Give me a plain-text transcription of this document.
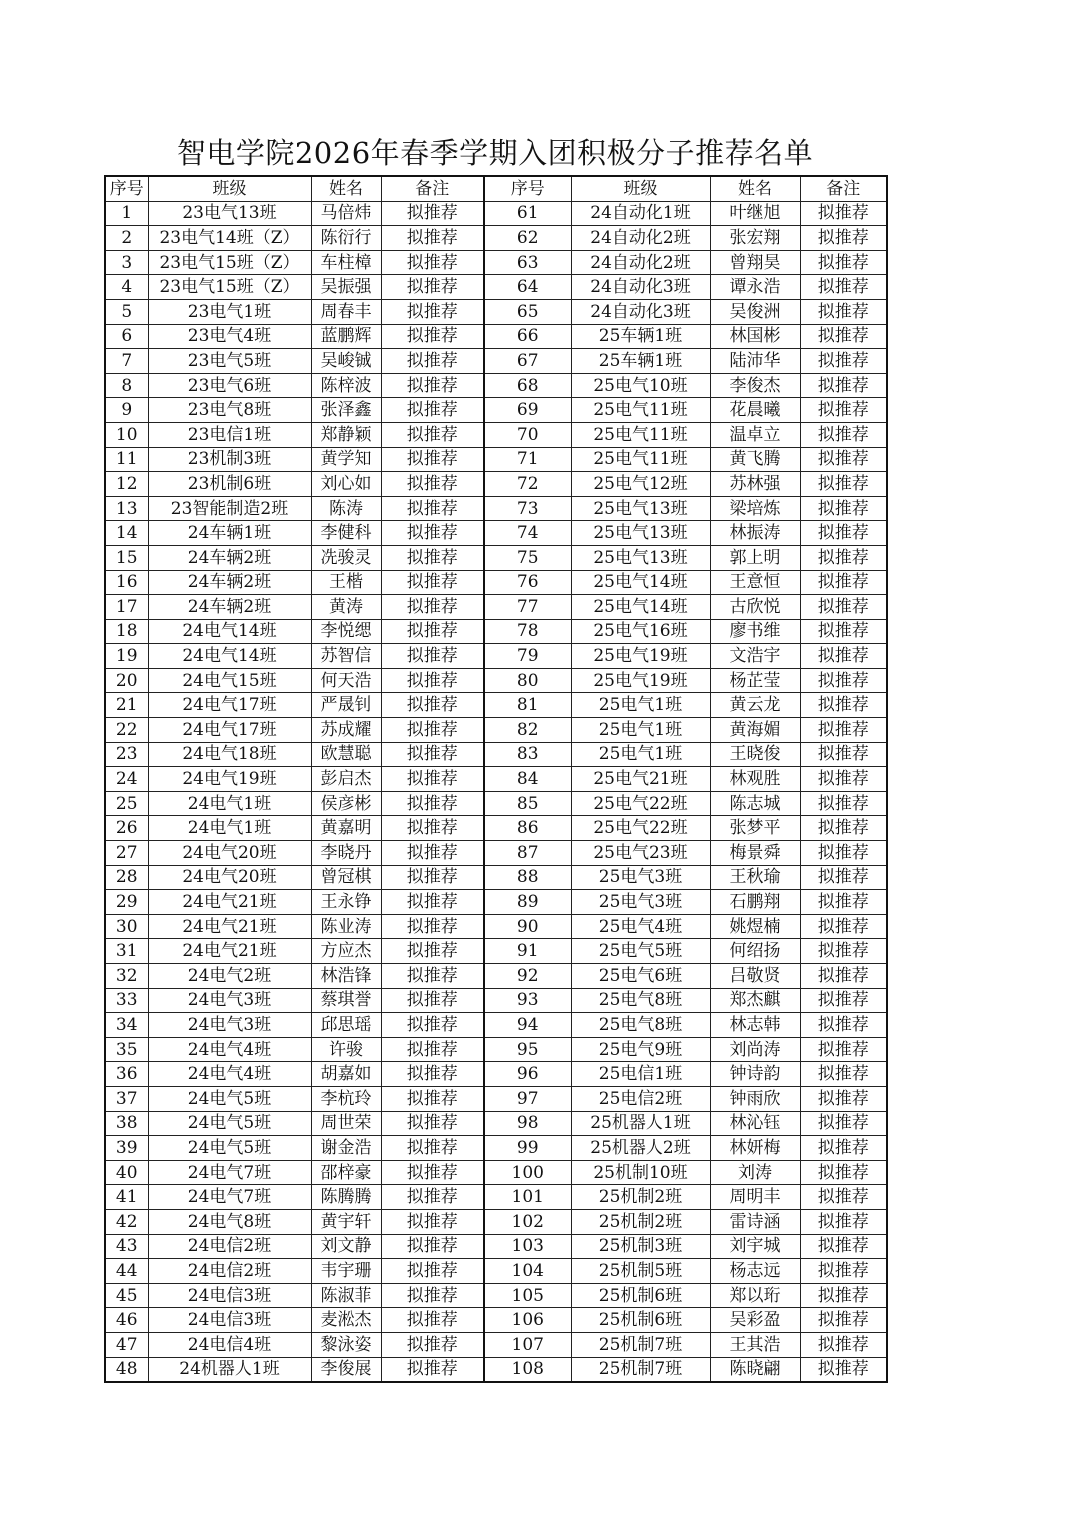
智电学院2026年春季学期入团积极分子推荐名单
序号	班级	姓名	备注	序号	班级	姓名	备注
1	23电气13班	马倍炜	拟推荐	61	24自动化1班	叶继旭	拟推荐
2	23电气14班（Z）	陈衍行	拟推荐	62	24自动化2班	张宏翔	拟推荐
3	23电气15班（Z）	车柱樟	拟推荐	63	24自动化2班	曾翔昊	拟推荐
4	23电气15班（Z）	吴振强	拟推荐	64	24自动化3班	谭永浩	拟推荐
5	23电气1班	周春丰	拟推荐	65	24自动化3班	吴俊洲	拟推荐
6	23电气4班	蓝鹏辉	拟推荐	66	25车辆1班	林国彬	拟推荐
7	23电气5班	吴峻铖	拟推荐	67	25车辆1班	陆沛华	拟推荐
8	23电气6班	陈梓波	拟推荐	68	25电气10班	李俊杰	拟推荐
9	23电气8班	张泽鑫	拟推荐	69	25电气11班	花晨曦	拟推荐
10	23电信1班	郑静颖	拟推荐	70	25电气11班	温卓立	拟推荐
11	23机制3班	黄学知	拟推荐	71	25电气11班	黄飞腾	拟推荐
12	23机制6班	刘心如	拟推荐	72	25电气12班	苏林强	拟推荐
13	23智能制造2班	陈涛	拟推荐	73	25电气13班	梁培炼	拟推荐
14	24车辆1班	李健科	拟推荐	74	25电气13班	林振涛	拟推荐
15	24车辆2班	冼骏灵	拟推荐	75	25电气13班	郭上明	拟推荐
16	24车辆2班	王楷	拟推荐	76	25电气14班	王意恒	拟推荐
17	24车辆2班	黄涛	拟推荐	77	25电气14班	古欣悦	拟推荐
18	24电气14班	李悦缌	拟推荐	78	25电气16班	廖书维	拟推荐
19	24电气14班	苏智信	拟推荐	79	25电气19班	文浩宇	拟推荐
20	24电气15班	何天浩	拟推荐	80	25电气19班	杨芷莹	拟推荐
21	24电气17班	严晟钊	拟推荐	81	25电气1班	黄云龙	拟推荐
22	24电气17班	苏成耀	拟推荐	82	25电气1班	黄海媚	拟推荐
23	24电气18班	欧慧聪	拟推荐	83	25电气1班	王晓俊	拟推荐
24	24电气19班	彭启杰	拟推荐	84	25电气21班	林观胜	拟推荐
25	24电气1班	侯彦彬	拟推荐	85	25电气22班	陈志城	拟推荐
26	24电气1班	黄嘉明	拟推荐	86	25电气22班	张梦平	拟推荐
27	24电气20班	李晓丹	拟推荐	87	25电气23班	梅景舜	拟推荐
28	24电气20班	曾冠棋	拟推荐	88	25电气3班	王秋瑜	拟推荐
29	24电气21班	王永铮	拟推荐	89	25电气3班	石鹏翔	拟推荐
30	24电气21班	陈业涛	拟推荐	90	25电气4班	姚煜楠	拟推荐
31	24电气21班	方应杰	拟推荐	91	25电气5班	何绍扬	拟推荐
32	24电气2班	林浩锋	拟推荐	92	25电气6班	吕敬贤	拟推荐
33	24电气3班	蔡琪誉	拟推荐	93	25电气8班	郑杰麒	拟推荐
34	24电气3班	邱思瑶	拟推荐	94	25电气8班	林志韩	拟推荐
35	24电气4班	许骏	拟推荐	95	25电气9班	刘尚涛	拟推荐
36	24电气4班	胡嘉如	拟推荐	96	25电信1班	钟诗韵	拟推荐
37	24电气5班	李杭玲	拟推荐	97	25电信2班	钟雨欣	拟推荐
38	24电气5班	周世荣	拟推荐	98	25机器人1班	林沁钰	拟推荐
39	24电气5班	谢金浩	拟推荐	99	25机器人2班	林妍梅	拟推荐
40	24电气7班	邵梓豪	拟推荐	100	25机制10班	刘涛	拟推荐
41	24电气7班	陈腾腾	拟推荐	101	25机制2班	周明丰	拟推荐
42	24电气8班	黄宇轩	拟推荐	102	25机制2班	雷诗涵	拟推荐
43	24电信2班	刘文静	拟推荐	103	25机制3班	刘宇城	拟推荐
44	24电信2班	韦宇珊	拟推荐	104	25机制5班	杨志远	拟推荐
45	24电信3班	陈淑菲	拟推荐	105	25机制6班	郑以珩	拟推荐
46	24电信3班	麦淞杰	拟推荐	106	25机制6班	吴彩盈	拟推荐
47	24电信4班	黎泳姿	拟推荐	107	25机制7班	王其浩	拟推荐
48	24机器人1班	李俊展	拟推荐	108	25机制7班	陈晓翩	拟推荐
